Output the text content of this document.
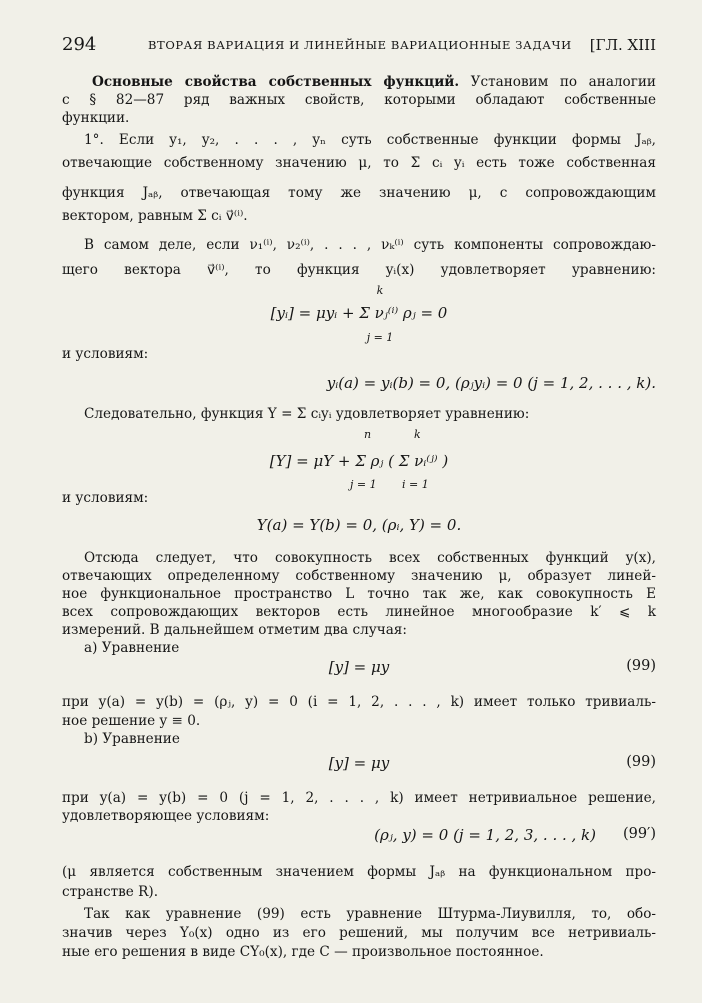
294	ВТОРАЯ ВАРИАЦИЯ И ЛИНЕЙНЫЕ ВАРИАЦИОННЫЕ ЗАДАЧИ [ГЛ. XIII
Основные свойства собственных функций. Установим по аналогии
с § 82—87 ряд важных свойств, которыми обладают собственные
функции.
1°. Если y₁, y₂, . . . , yₙ суть собственные функции формы Jₐᵦ,
отвечающие собственному значению μ, то Σ cᵢ yᵢ есть тоже собственная
функция Jₐᵦ, отвечающая тому же значению μ, с сопровождающим
вектором, равным Σ cᵢ v⃗⁽ⁱ⁾.
В самом деле, если ν₁⁽ⁱ⁾, ν₂⁽ⁱ⁾, . . . , νₖ⁽ⁱ⁾ суть компоненты сопровождаю-
щего вектора v⃗⁽ⁱ⁾, то функция yᵢ(x) удовлетворяет уравнению:
k
[yᵢ] = μyᵢ + Σ νⱼ⁽ⁱ⁾ ρⱼ = 0
j = 1
и условиям:
yᵢ(a) = yᵢ(b) = 0, (ρⱼyᵢ) = 0 (j = 1, 2, . . . , k).
Следовательно, функция Y = Σ cᵢyᵢ удовлетворяет уравнению:
n	k
[Y] = μY + Σ ρⱼ ( Σ νᵢ⁽ʲ⁾ )
j = 1 i = 1
и условиям:
Y(a) = Y(b) = 0, (ρᵢ, Y) = 0.
Отсюда следует, что совокупность всех собственных функций y(x),
отвечающих определенному собственному значению μ, образует линей-
ное функциональное пространство L точно так же, как совокупность E
всех сопровождающих векторов есть линейное многообразие k′ ⩽ k
измерений. В дальнейшем отметим два случая:
а) Уравнение
[y] = μy	(99)
при y(a) = y(b) = (ρⱼ, y) = 0 (i = 1, 2, . . . , k) имеет только тривиаль-
ное решение y ≡ 0.
b) Уравнение
[y] = μy	(99)
при y(a) = y(b) = 0 (j = 1, 2, . . . , k) имеет нетривиальное решение,
удовлетворяющее условиям:
(ρⱼ, y) = 0 (j = 1, 2, 3, . . . , k) (99′)
(μ является собственным значением формы Jₐᵦ на функциональном про-
странстве R).
Так как уравнение (99) есть уравнение Штурма-Лиувилля, то, обо-
значив через Y₀(x) одно из его решений, мы получим все нетривиаль-
ные его решения в виде CY₀(x), где C — произвольное постоянное.
